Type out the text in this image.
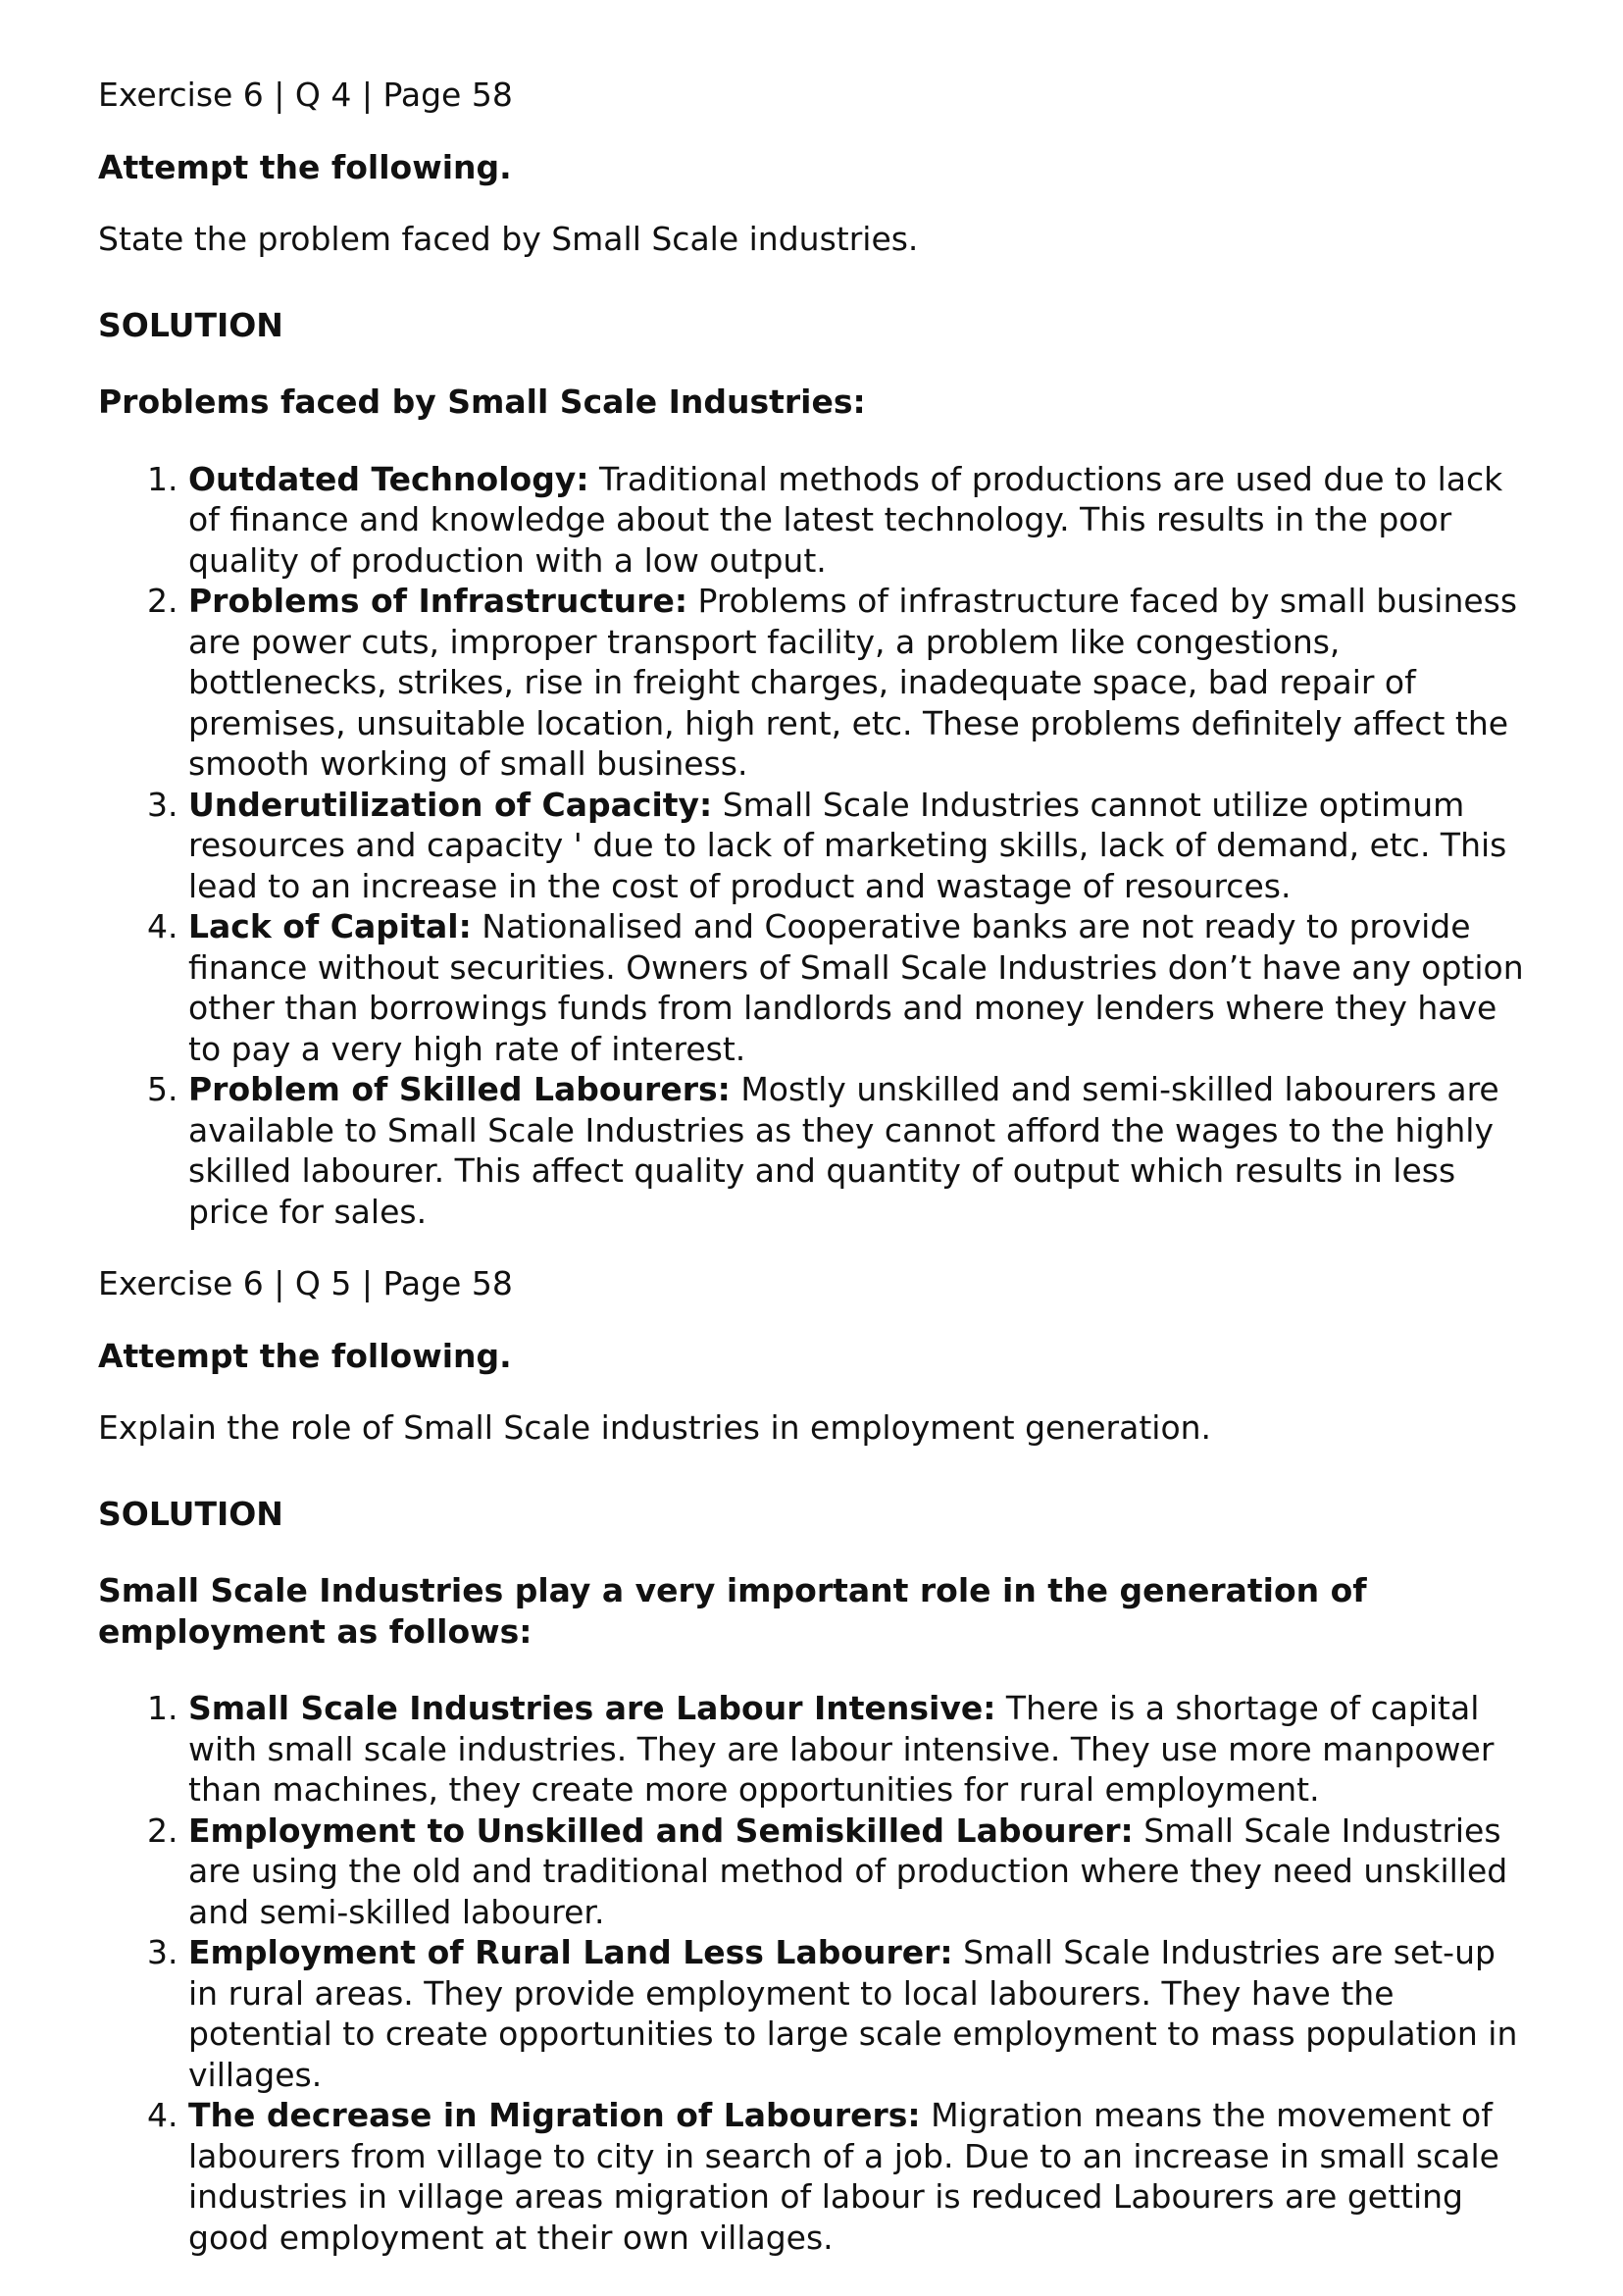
Exercise 6 | Q 4 | Page 58

Attempt the following.

State the problem faced by Small Scale industries.

SOLUTION

Problems faced by Small Scale Industries:

1. Outdated Technology: Traditional methods of productions are used due to lack of finance and knowledge about the latest technology. This results in the poor quality of production with a low output.
2. Problems of Infrastructure: Problems of infrastructure faced by small business are power cuts, improper transport facility, a problem like congestions, bottlenecks, strikes, rise in freight charges, inadequate space, bad repair of premises, unsuitable location, high rent, etc. These problems definitely affect the smooth working of small business.
3. Underutilization of Capacity: Small Scale Industries cannot utilize optimum resources and capacity ' due to lack of marketing skills, lack of demand, etc. This lead to an increase in the cost of product and wastage of resources.
4. Lack of Capital: Nationalised and Cooperative banks are not ready to provide finance without securities. Owners of Small Scale Industries don’t have any option other than borrowings funds from landlords and money lenders where they have to pay a very high rate of interest.
5. Problem of Skilled Labourers: Mostly unskilled and semi-skilled labourers are available to Small Scale Industries as they cannot afford the wages to the highly skilled labourer. This affect quality and quantity of output which results in less price for sales.

Exercise 6 | Q 5 | Page 58

Attempt the following.

Explain the role of Small Scale industries in employment generation.

SOLUTION

Small Scale Industries play a very important role in the generation of employment as follows:

1. Small Scale Industries are Labour Intensive: There is a shortage of capital with small scale industries. They are labour intensive. They use more manpower than machines, they create more opportunities for rural employment.
2. Employment to Unskilled and Semiskilled Labourer: Small Scale Industries are using the old and traditional method of production where they need unskilled and semi-skilled labourer.
3. Employment of Rural Land Less Labourer: Small Scale Industries are set-up in rural areas. They provide employment to local labourers. They have the potential to create opportunities to large scale employment to mass population in villages.
4. The decrease in Migration of Labourers: Migration means the movement of labourers from village to city in search of a job. Due to an increase in small scale industries in village areas migration of labour is reduced Labourers are getting good employment at their own villages.
